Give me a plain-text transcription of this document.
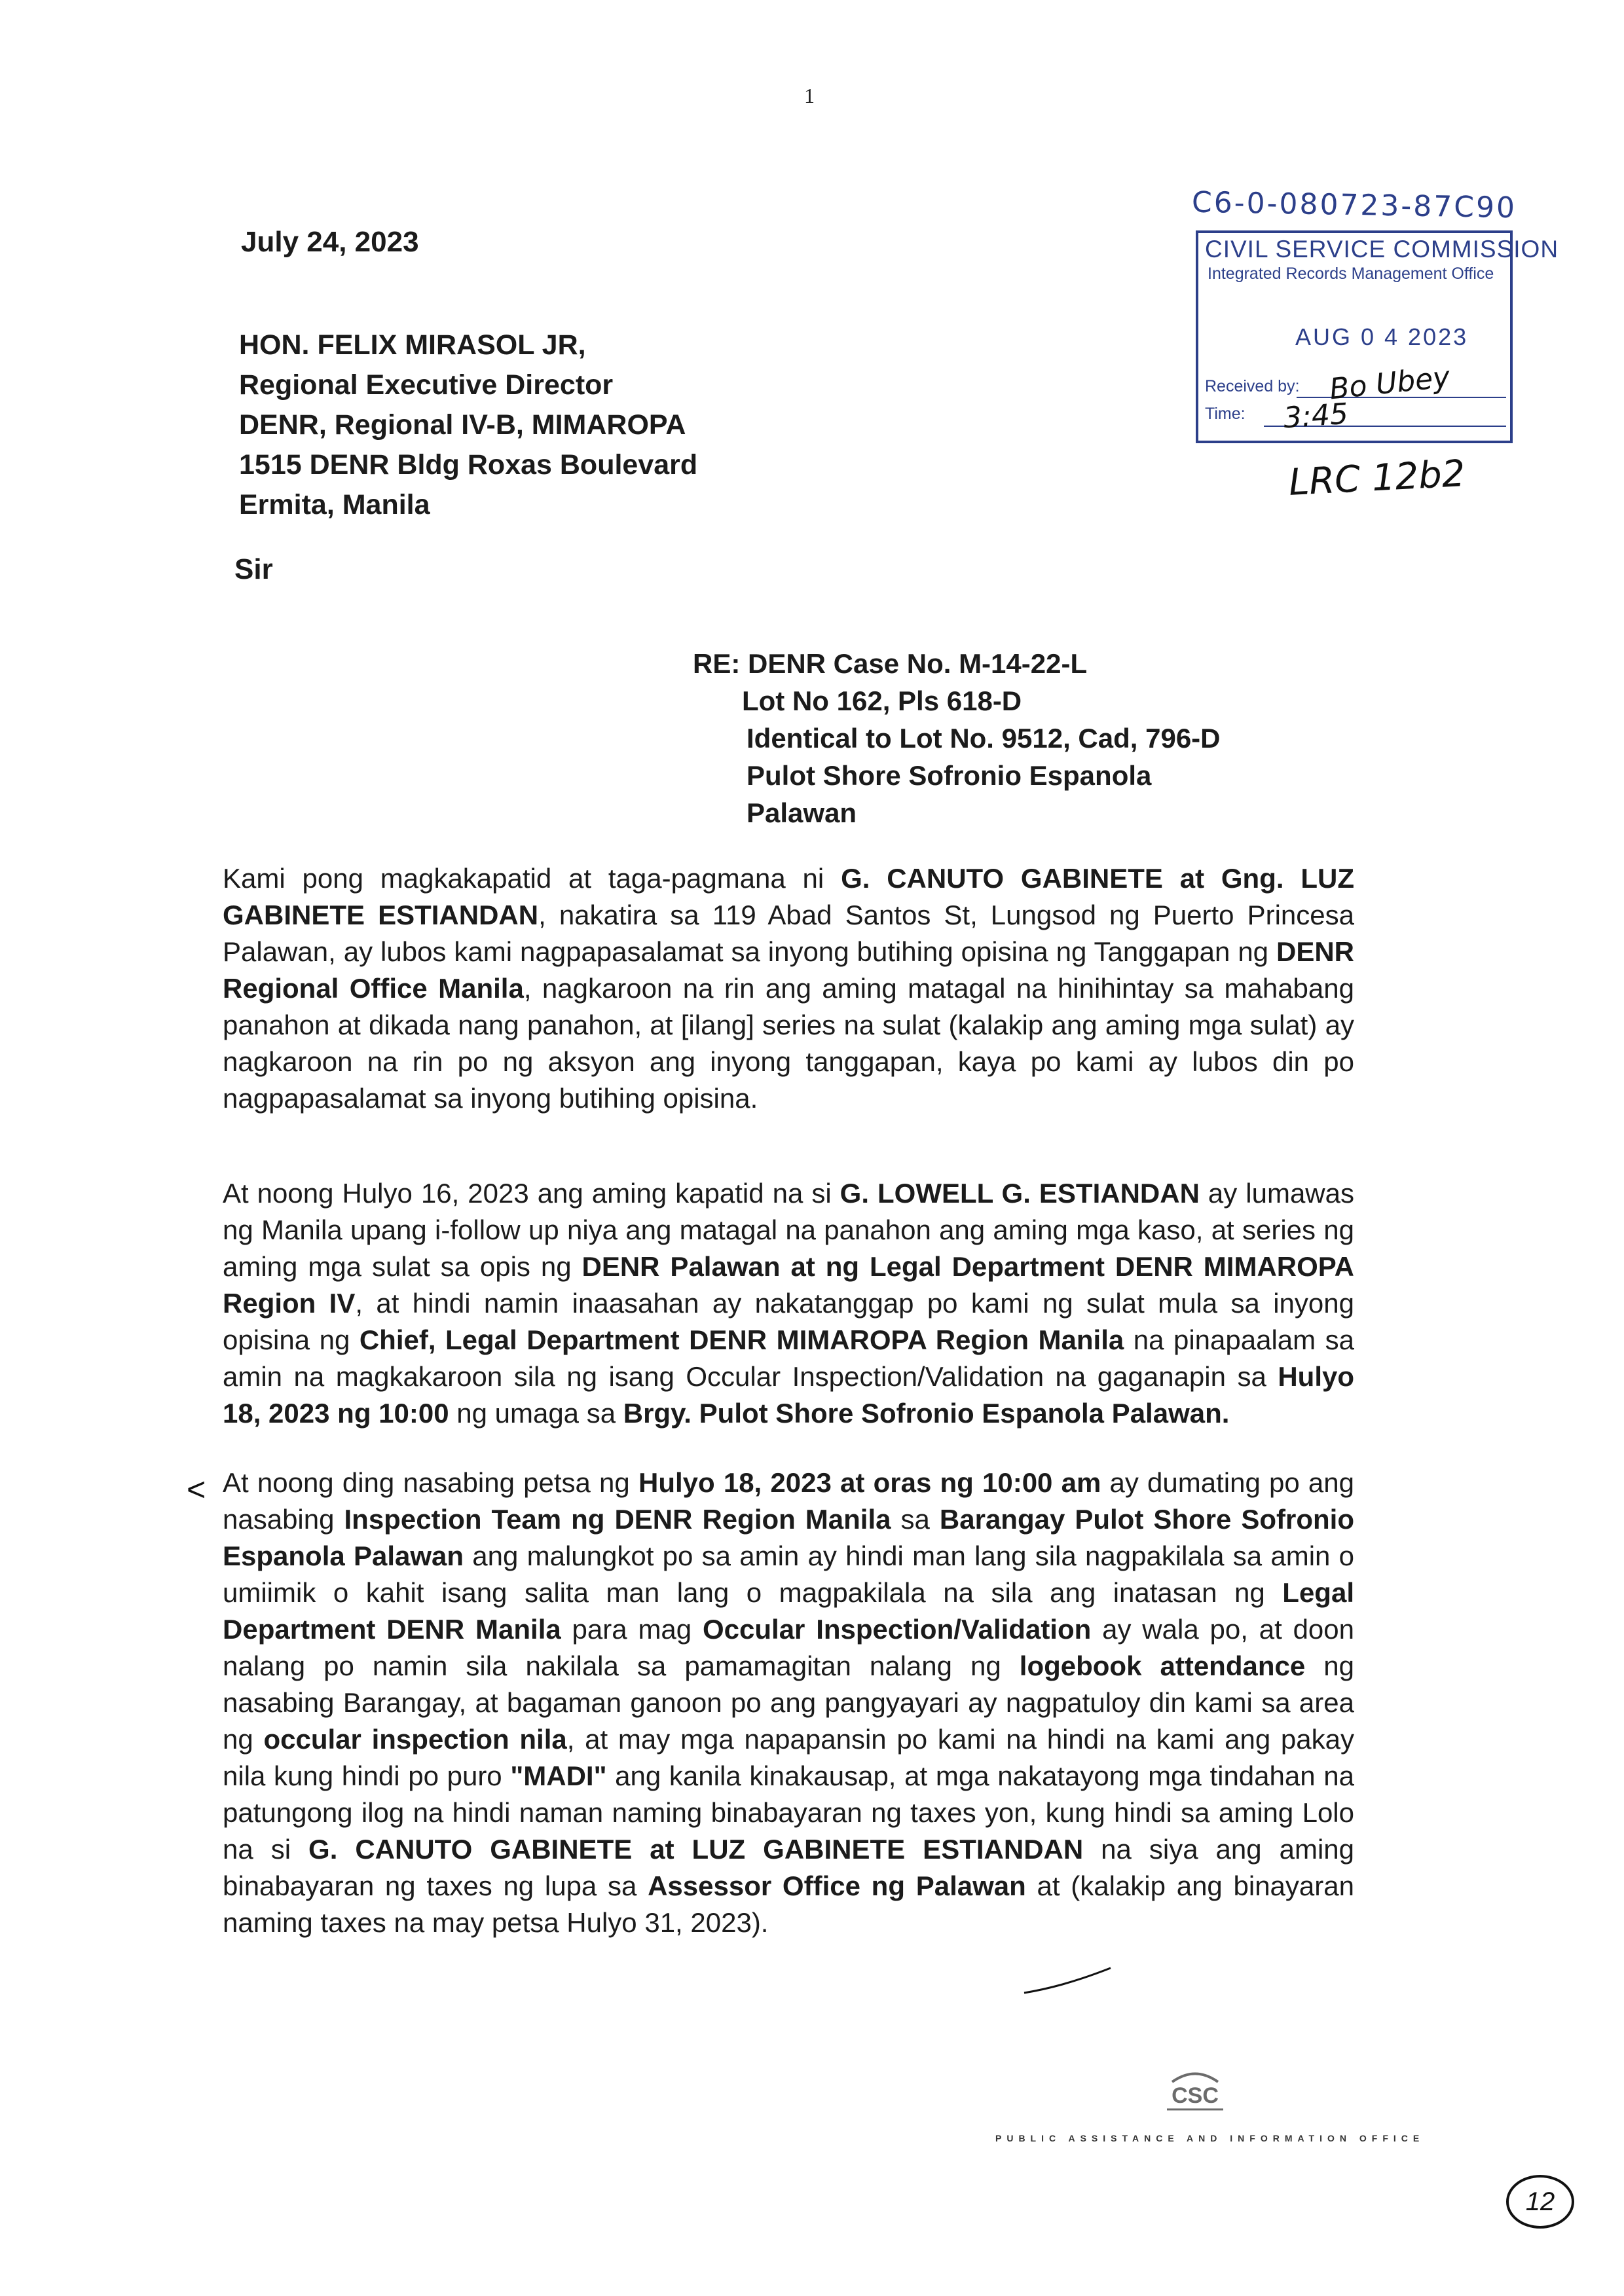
1
C6-0-080723-87C90
CIVIL SERVICE COMMISSION
Integrated Records Management Office
AUG 0 4 2023
Received by:
Time:
Bo Ubey
3:45
LRC 12b2
July 24, 2023
HON. FELIX MIRASOL JR,
Regional Executive Director
DENR, Regional IV-B, MIMAROPA
1515 DENR Bldg Roxas Boulevard
Ermita, Manila
Sir
RE: DENR Case No. M-14-22-L
Lot No 162, Pls 618-D
Identical to Lot No. 9512, Cad, 796-D
Pulot Shore Sofronio Espanola
Palawan
Kami pong magkakapatid at taga-pagmana ni G. CANUTO GABINETE at Gng. LUZ GABINETE ESTIANDAN, nakatira sa 119 Abad Santos St, Lungsod ng Puerto Princesa Palawan, ay lubos kami nagpapasalamat sa inyong butihing opisina ng Tanggapan ng DENR Regional Office Manila, nagkaroon na rin ang aming matagal na hinihintay sa mahabang panahon at dikada nang panahon, at [ilang] series na sulat (kalakip ang aming mga sulat) ay nagkaroon na rin po ng aksyon ang inyong tanggapan, kaya po kami ay lubos din po nagpapasalamat sa inyong butihing opisina.
At noong Hulyo 16, 2023 ang aming kapatid na si G. LOWELL G. ESTIANDAN ay lumawas ng Manila upang i-follow up niya ang matagal na panahon ang aming mga kaso, at series ng aming mga sulat sa opis ng DENR Palawan at ng Legal Department DENR MIMAROPA Region IV, at hindi namin inaasahan ay nakatanggap po kami ng sulat mula sa inyong opisina ng Chief, Legal Department DENR MIMAROPA Region Manila na pinapaalam sa amin na magkakaroon sila ng isang Occular Inspection/Validation na gaganapin sa Hulyo 18, 2023 ng 10:00 ng umaga sa Brgy. Pulot Shore Sofronio Espanola Palawan.
< At noong ding nasabing petsa ng Hulyo 18, 2023 at oras ng 10:00 am ay dumating po ang nasabing Inspection Team ng DENR Region Manila sa Barangay Pulot Shore Sofronio Espanola Palawan ang malungkot po sa amin ay hindi man lang sila nagpakilala sa amin o umiimik o kahit isang salita man lang o magpakilala na sila ang inatasan ng Legal Department DENR Manila para mag Occular Inspection/Validation ay wala po, at doon nalang po namin sila nakilala sa pamamagitan nalang ng logebook attendance ng nasabing Barangay, at bagaman ganoon po ang pangyayari ay nagpatuloy din kami sa area ng occular inspection nila, at may mga napapansin po kami na hindi na kami ang pakay nila kung hindi po puro "MADI" ang kanila kinakausap, at mga nakatayong mga tindahan na patungong ilog na hindi naman naming binabayaran ng taxes yon, kung hindi sa aming Lolo na si G. CANUTO GABINETE at LUZ GABINETE ESTIANDAN na siya ang aming binabayaran ng taxes ng lupa sa Assessor Office ng Palawan at (kalakip ang binayaran naming taxes na may petsa Hulyo 31, 2023).
CSC
PUBLIC ASSISTANCE AND INFORMATION OFFICE
12
